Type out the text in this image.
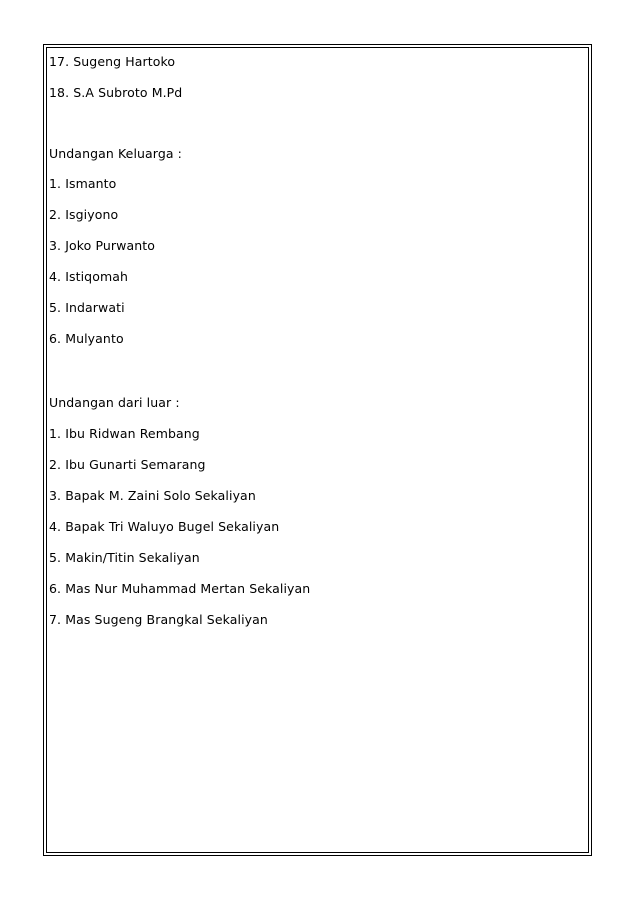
17. Sugeng Hartoko
18. S.A Subroto M.Pd
Undangan Keluarga :
1. Ismanto
2. Isgiyono
3. Joko Purwanto
4. Istiqomah
5. Indarwati
6. Mulyanto
Undangan dari luar :
1. Ibu Ridwan Rembang
2. Ibu Gunarti Semarang
3. Bapak M. Zaini Solo Sekaliyan
4. Bapak Tri Waluyo Bugel Sekaliyan
5. Makin/Titin Sekaliyan
6. Mas Nur Muhammad Mertan Sekaliyan
7. Mas Sugeng Brangkal Sekaliyan
